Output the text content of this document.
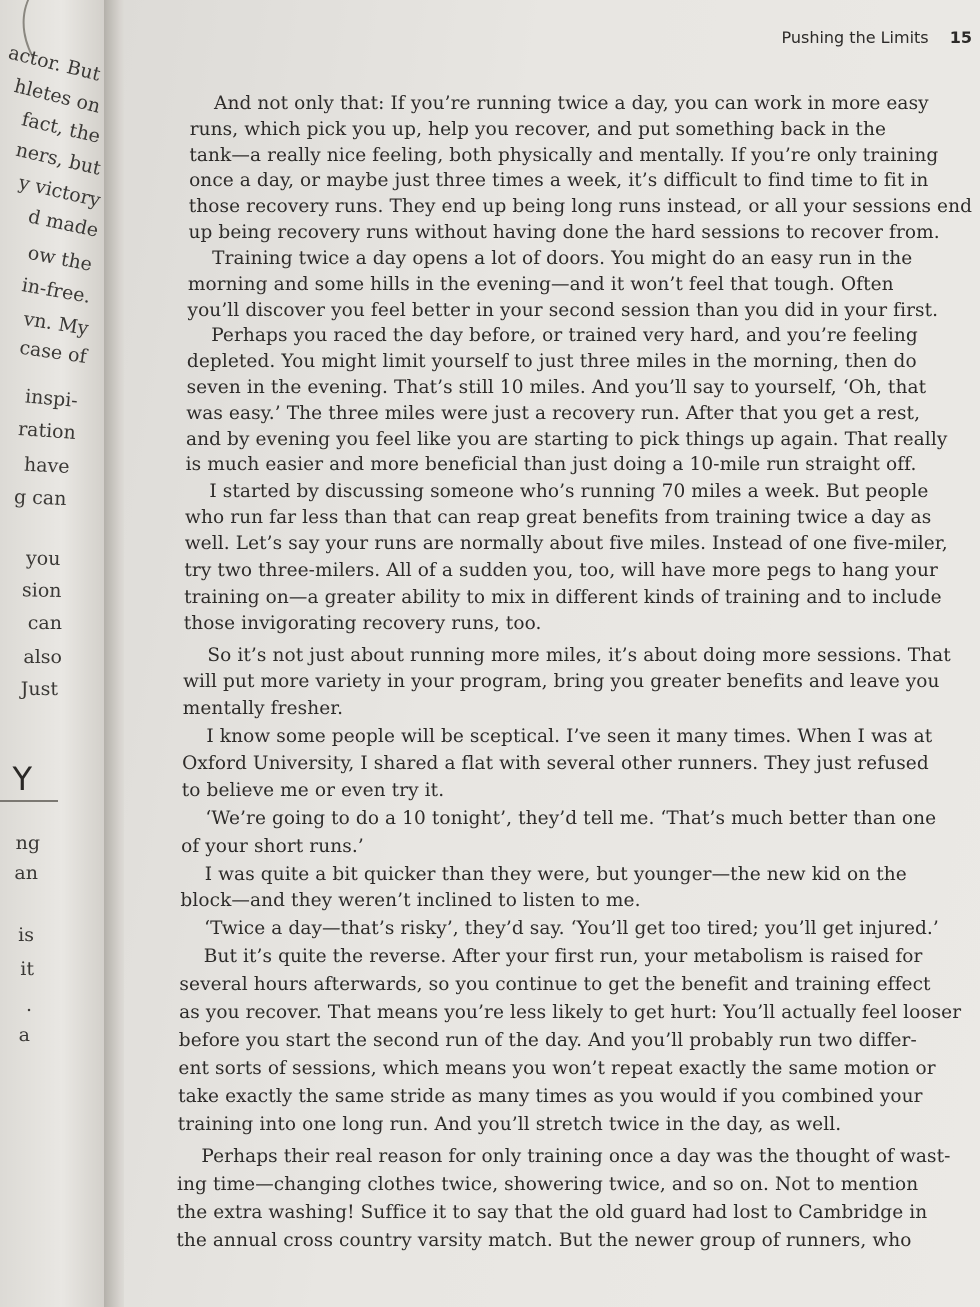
actor. But
hletes on
fact, the
ners, but
y victory
d made
ow the
in-free.
vn. My
case of
inspi-
ration
have
g can
you
sion
can
also
Just
Y
ng
an
is
it
.
a
Pushing the Limits 15
And not only that: If you’re running twice a day, you can work in more easy
runs, which pick you up, help you recover, and put something back in the
tank—a really nice feeling, both physically and mentally. If you’re only training
once a day, or maybe just three times a week, it’s difficult to find time to fit in
those recovery runs. They end up being long runs instead, or all your sessions end
up being recovery runs without having done the hard sessions to recover from.
Training twice a day opens a lot of doors. You might do an easy run in the
morning and some hills in the evening—and it won’t feel that tough. Often
you’ll discover you feel better in your second session than you did in your first.
Perhaps you raced the day before, or trained very hard, and you’re feeling
depleted. You might limit yourself to just three miles in the morning, then do
seven in the evening. That’s still 10 miles. And you’ll say to yourself, ‘Oh, that
was easy.’ The three miles were just a recovery run. After that you get a rest,
and by evening you feel like you are starting to pick things up again. That really
is much easier and more beneficial than just doing a 10-mile run straight off.
I started by discussing someone who’s running 70 miles a week. But people
who run far less than that can reap great benefits from training twice a day as
well. Let’s say your runs are normally about five miles. Instead of one five-miler,
try two three-milers. All of a sudden you, too, will have more pegs to hang your
training on—a greater ability to mix in different kinds of training and to include
those invigorating recovery runs, too.
So it’s not just about running more miles, it’s about doing more sessions. That
will put more variety in your program, bring you greater benefits and leave you
mentally fresher.
I know some people will be sceptical. I’ve seen it many times. When I was at
Oxford University, I shared a flat with several other runners. They just refused
to believe me or even try it.
‘We’re going to do a 10 tonight’, they’d tell me. ‘That’s much better than one
of your short runs.’
I was quite a bit quicker than they were, but younger—the new kid on the
block—and they weren’t inclined to listen to me.
‘Twice a day—that’s risky’, they’d say. ‘You’ll get too tired; you’ll get injured.’
But it’s quite the reverse. After your first run, your metabolism is raised for
several hours afterwards, so you continue to get the benefit and training effect
as you recover. That means you’re less likely to get hurt: You’ll actually feel looser
before you start the second run of the day. And you’ll probably run two differ-
ent sorts of sessions, which means you won’t repeat exactly the same motion or
take exactly the same stride as many times as you would if you combined your
training into one long run. And you’ll stretch twice in the day, as well.
Perhaps their real reason for only training once a day was the thought of wast-
ing time—changing clothes twice, showering twice, and so on. Not to mention
the extra washing! Suffice it to say that the old guard had lost to Cambridge in
the annual cross country varsity match. But the newer group of runners, who
